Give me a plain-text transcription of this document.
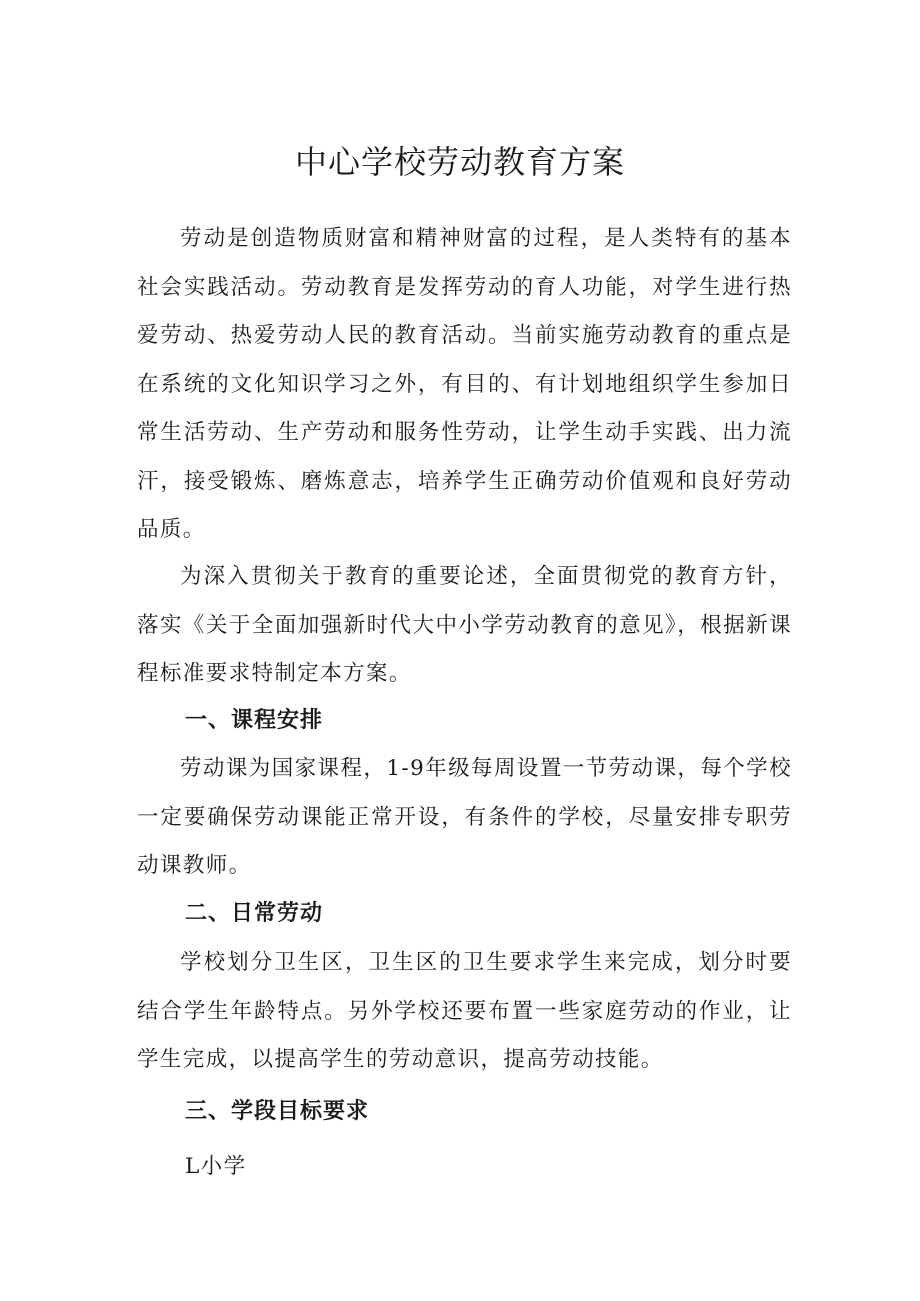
中心学校劳动教育方案

劳动是创造物质财富和精神财富的过程，是人类特有的基本社会实践活动。劳动教育是发挥劳动的育人功能，对学生进行热爱劳动、热爱劳动人民的教育活动。当前实施劳动教育的重点是在系统的文化知识学习之外，有目的、有计划地组织学生参加日常生活劳动、生产劳动和服务性劳动，让学生动手实践、出力流汗，接受锻炼、磨炼意志，培养学生正确劳动价值观和良好劳动品质。

为深入贯彻关于教育的重要论述，全面贯彻党的教育方针，落实《关于全面加强新时代大中小学劳动教育的意见》，根据新课程标准要求特制定本方案。

一、课程安排

劳动课为国家课程，1-9年级每周设置一节劳动课，每个学校一定要确保劳动课能正常开设，有条件的学校，尽量安排专职劳动课教师。

二、日常劳动

学校划分卫生区，卫生区的卫生要求学生来完成，划分时要结合学生年龄特点。另外学校还要布置一些家庭劳动的作业，让学生完成，以提高学生的劳动意识，提高劳动技能。

三、学段目标要求

L小学
